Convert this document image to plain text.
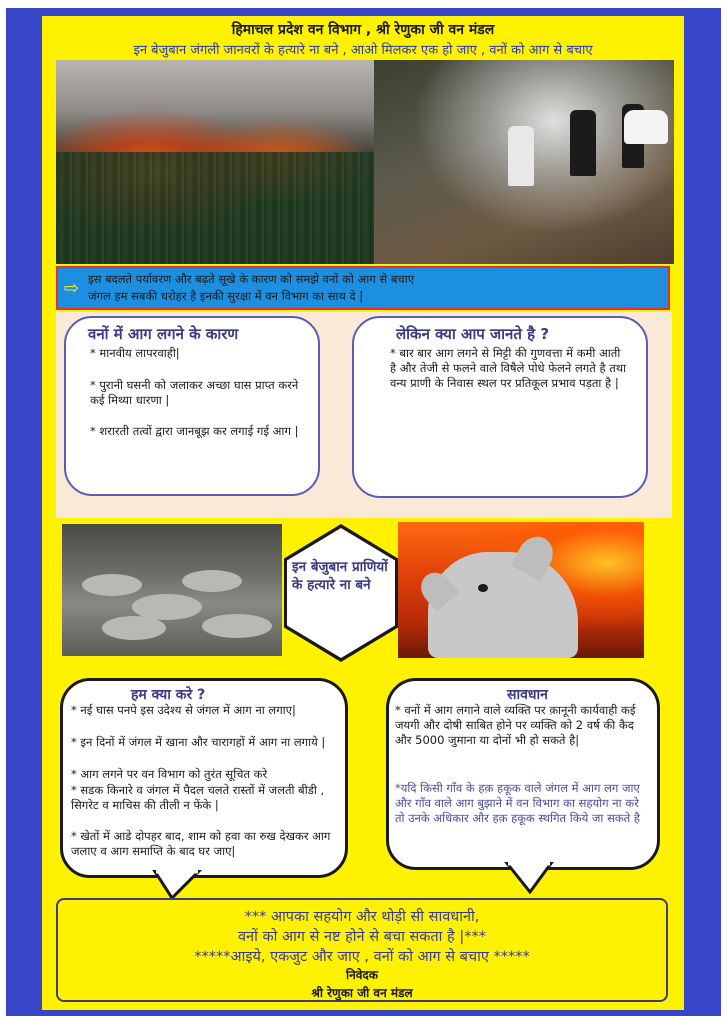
हिमाचल प्रदेश वन विभाग , श्री रेणुका जी वन मंडल
इन बेजुबान जंगली जानवरों के हत्यारे ना बने , आओ मिलकर एक हो जाए , वनों को आग से बचाए
⇨ इस बदलते पर्यावरण और बढ़ते सूखे के कारण को समझे वनों को आग से बचाए
जंगल हम सबकी धरोहर है इनकी सुरक्षा में वन विभाग का साथ दे |
वनों में आग लगने के कारण
* मानवीय लापरवाही|
* पुरानी घसनी को जलाकर अच्छा घास प्राप्त करने कई मिथ्या धारणा |
* शरारती तत्वों द्वारा जानबूझ कर लगाई गई आग |
लेकिन क्या आप जानते है ?
* बार बार आग लगने से मिट्टी की गुणवत्ता में कमी आती है और तेजी से फलने वाले विषैले पोधे फेलने लगते है तथा वन्य प्राणी के निवास स्थल पर प्रतिकूल प्रभाव पड़ता है |
इन बेजुबान प्राणियों के हत्यारे ना बने
हम क्या करे ?
* नई घास पनपे इस उदेश्य से जंगल में आग ना लगाए|
* इन दिनों में जंगल में खाना और चारागहों में आग ना लगाये |
* आग लगने पर वन विभाग को तुरंत सूचित करे
* सडक किनारे व जंगल में पैदल चलते रास्तों में जलती बीडी , सिगरेट व माचिस की तीली न फेंके |
* खेतों में आडे दोपहर बाद, शाम को हवा का रुख देखकर आग जलाए व आग समाप्ति के बाद घर जाए|
सावधान
* वनों में आग लगाने वाले व्यक्ति पर क़ानूनी कार्यवाही कई जयगी और दोषी साबित होने पर व्यक्ति को 2 वर्ष की कैद और 5000 जुमाना या दोनों भी हो सकते है|
*यदि किसी गाँव के हक़ हकूक वाले जंगल में आग लग जाए और गाँव वाले आग बुझाने में वन विभाग का सहयोग ना करे तो उनके अधिकार और हक़ हकूक स्थगित किये जा सकते है
*** आपका सहयोग और थोड़ी सी सावधानी,
वनों को आग से नष्ट होने से बचा सकता है |***
*****आइये, एकजुट और जाए , वनों को आग से बचाए *****
निवेदक
श्री रेणुका जी वन मंडल
